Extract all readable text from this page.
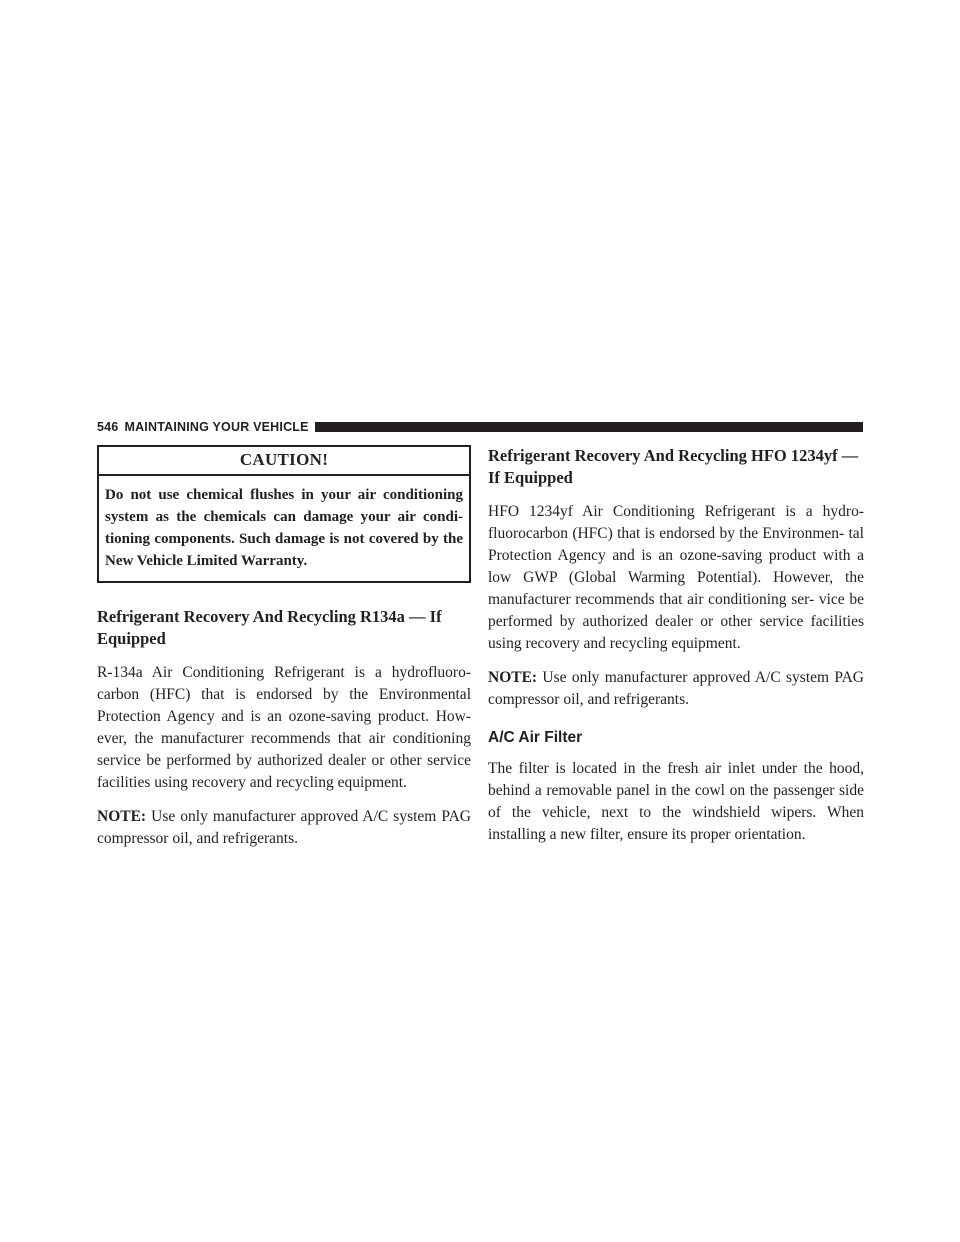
546 MAINTAINING YOUR VEHICLE
CAUTION!

Do not use chemical flushes in your air conditioning system as the chemicals can damage your air condi- tioning components. Such damage is not covered by the New Vehicle Limited Warranty.

Refrigerant Recovery And Recycling R134a — If Equipped

R-134a Air Conditioning Refrigerant is a hydrofluoro- carbon (HFC) that is endorsed by the Environmental Protection Agency and is an ozone-saving product. How- ever, the manufacturer recommends that air conditioning service be performed by authorized dealer or other service facilities using recovery and recycling equipment.

NOTE: Use only manufacturer approved A/C system PAG compressor oil, and refrigerants.

Refrigerant Recovery And Recycling HFO 1234yf — If Equipped

HFO 1234yf Air Conditioning Refrigerant is a hydro- fluorocarbon (HFC) that is endorsed by the Environmen- tal Protection Agency and is an ozone-saving product with a low GWP (Global Warming Potential). However, the manufacturer recommends that air conditioning ser- vice be performed by authorized dealer or other service facilities using recovery and recycling equipment.

NOTE: Use only manufacturer approved A/C system PAG compressor oil, and refrigerants.

A/C Air Filter

The filter is located in the fresh air inlet under the hood, behind a removable panel in the cowl on the passenger side of the vehicle, next to the windshield wipers. When installing a new filter, ensure its proper orientation.
